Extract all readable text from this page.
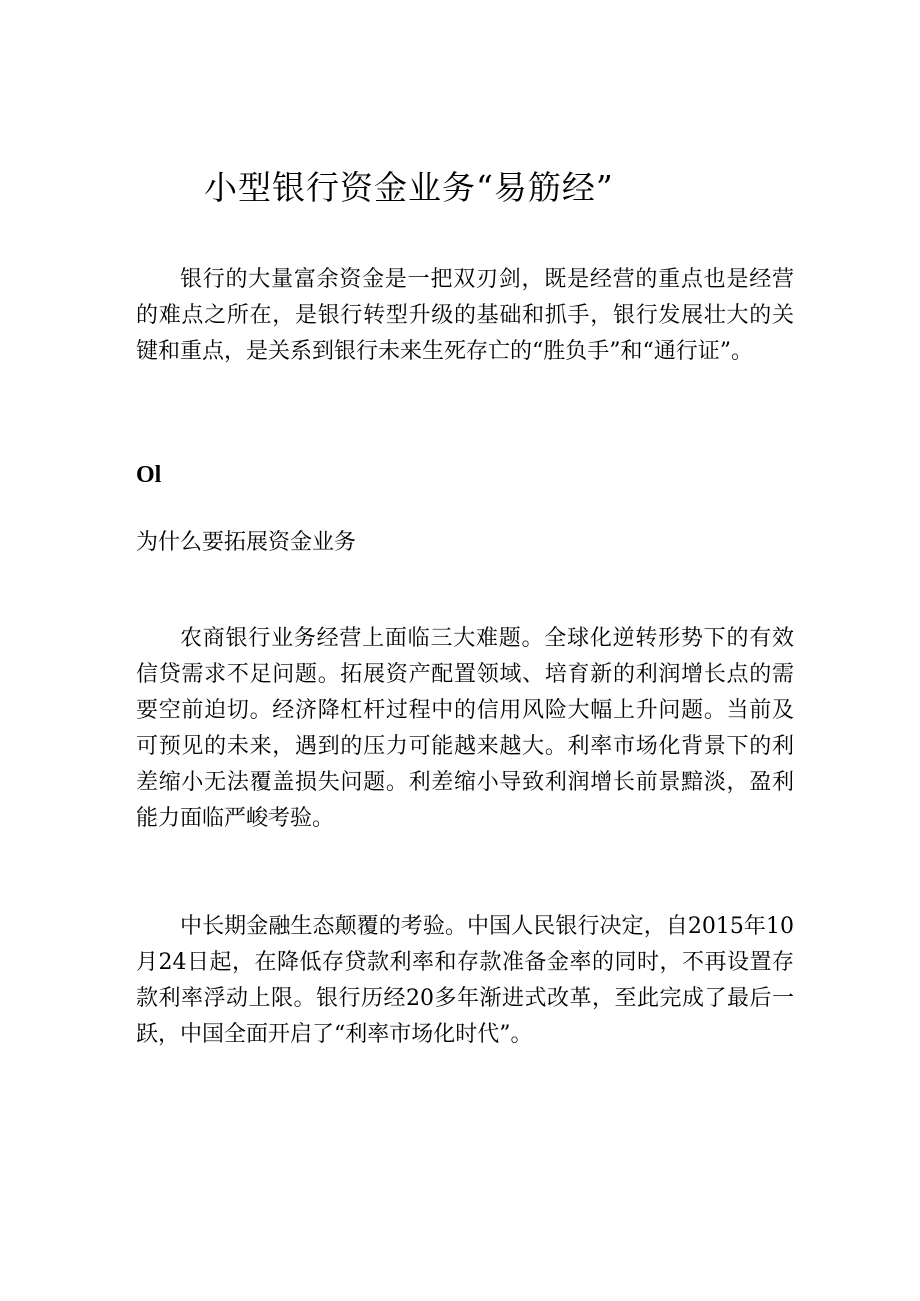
小型银行资金业务“易筋经”

银行的大量富余资金是一把双刃剑，既是经营的重点也是经营的难点之所在，是银行转型升级的基础和抓手，银行发展壮大的关键和重点，是关系到银行未来生死存亡的“胜负手”和“通行证”。

Ol
为什么要拓展资金业务

农商银行业务经营上面临三大难题。全球化逆转形势下的有效信贷需求不足问题。拓展资产配置领域、培育新的利润增长点的需要空前迫切。经济降杠杆过程中的信用风险大幅上升问题。当前及可预见的未来，遇到的压力可能越来越大。利率市场化背景下的利差缩小无法覆盖损失问题。利差缩小导致利润增长前景黯淡，盈利能力面临严峻考验。

中长期金融生态颠覆的考验。中国人民银行决定，自2015年10月24日起，在降低存贷款利率和存款准备金率的同时，不再设置存款利率浮动上限。银行历经20多年渐进式改革，至此完成了最后一跃，中国全面开启了“利率市场化时代”。
